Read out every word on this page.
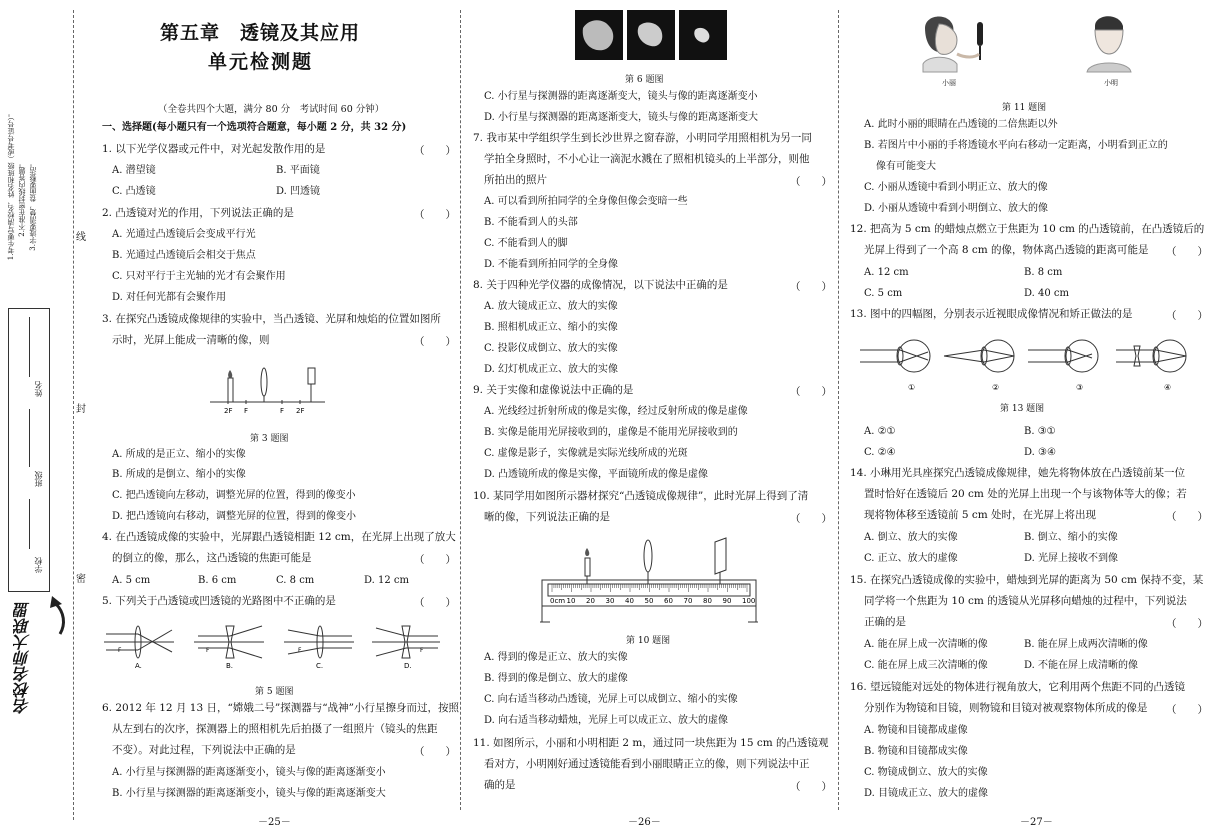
1.考生要写清校名、姓名和班级（或考号证号）。 2.不准在密封线内答题。 3.字迹要清楚，卷面要整洁。
姓名
班级
学校
名校名师大联盟
线
封
密
第五章　透镜及其应用
单元检测题
（全卷共四个大题，满分 80 分　考试时间 60 分钟）
一、选择题(每小题只有一个选项符合题意，每小题 2 分，共 32 分)
1. 以下光学仪器或元件中，对光起发散作用的是	（　　）
A. 潜望镜	B. 平面镜
C. 凸透镜	D. 凹透镜
2. 凸透镜对光的作用，下列说法正确的是	（　　）
A. 光通过凸透镜后会变成平行光
B. 光通过凸透镜后会相交于焦点
C. 只对平行于主光轴的光才有会聚作用
D. 对任何光都有会聚作用
3. 在探究凸透镜成像规律的实验中，当凸透镜、光屏和烛焰的位置如图所
示时，光屏上能成一清晰的像，则	（　　）
2F F	F 2F
第 3 题图
A. 所成的是正立、缩小的实像
B. 所成的是倒立、缩小的实像
C. 把凸透镜向左移动，调整光屏的位置，得到的像变小
D. 把凸透镜向右移动，调整光屏的位置，得到的像变小
4. 在凸透镜成像的实验中，光屏跟凸透镜相距 12 cm，在光屏上出现了放大
的倒立的像，那么，这凸透镜的焦距可能是	（　　）
A. 5 cm	B. 6 cm	C. 8 cm	D. 12 cm
5. 下列关于凸透镜或凹透镜的光路图中不正确的是	（　　）
F
A.
F
B.
F
C.
F
D.
第 5 题图
6. 2012 年 12 月 13 日，“嫦娥二号”探测器与“战神”小行星擦身而过，按照
从左到右的次序，探测器上的照相机先后拍摄了一组照片（镜头的焦距
不变）。对此过程，下列说法中正确的是	（　　）
A. 小行星与探测器的距离逐渐变小，镜头与像的距离逐渐变小
B. 小行星与探测器的距离逐渐变小，镜头与像的距离逐渐变大
－25－
第 6 题图
C. 小行星与探测器的距离逐渐变大，镜头与像的距离逐渐变小
D. 小行星与探测器的距离逐渐变大，镜头与像的距离逐渐变大
7. 我市某中学组织学生到长沙世界之窗春游，小明同学用照相机为另一同
学拍全身照时，不小心让一滴泥水溅在了照相机镜头的上半部分，则他
所拍出的照片	（　　）
A. 可以看到所拍同学的全身像但像会变暗一些
B. 不能看到人的头部
C. 不能看到人的脚
D. 不能看到所拍同学的全身像
8. 关于四种光学仪器的成像情况，以下说法中正确的是	（　　）
A. 放大镜成正立、放大的实像
B. 照相机成正立、缩小的实像
C. 投影仪成倒立、放大的实像
D. 幻灯机成正立、放大的实像
9. 关于实像和虚像说法中正确的是	（　　）
A. 光线经过折射所成的像是实像，经过反射所成的像是虚像
B. 实像是能用光屏接收到的，虚像是不能用光屏接收到的
C. 虚像是影子，实像就是实际光线所成的光斑
D. 凸透镜所成的像是实像，平面镜所成的像是虚像
10. 某同学用如图所示器材探究“凸透镜成像规律”，此时光屏上得到了清
晰的像，下列说法正确的是	（　　）
0cm 10 20 30 40 50 60 70 80 90 100
第 10 题图
A. 得到的像是正立、放大的实像
B. 得到的像是倒立、放大的虚像
C. 向右适当移动凸透镜，光屏上可以成倒立、缩小的实像
D. 向右适当移动蜡烛，光屏上可以成正立、放大的虚像
11. 如图所示，小丽和小明相距 2 m，通过同一块焦距为 15 cm 的凸透镜观
看对方，小明刚好通过透镜能看到小丽眼睛正立的像，则下列说法中正
确的是	（　　）
－26－
小丽	小明
第 11 题图
A. 此时小丽的眼睛在凸透镜的二倍焦距以外
B. 若图片中小丽的手将透镜水平向右移动一定距离，小明看到正立的
像有可能变大
C. 小丽从透镜中看到小明正立、放大的像
D. 小丽从透镜中看到小明倒立、放大的像
12. 把高为 5 cm 的蜡烛点燃立于焦距为 10 cm 的凸透镜前，在凸透镜后的
光屏上得到了一个高 8 cm 的像，物体离凸透镜的距离可能是 （　　）
A. 12 cm	B. 8 cm
C. 5 cm	D. 40 cm
13. 图中的四幅图，分别表示近视眼成像情况和矫正做法的是	（　　）
①	②	③	④
第 13 题图
A. ②①	B. ③①
C. ②④	D. ③④
14. 小琳用光具座探究凸透镜成像规律，她先将物体放在凸透镜前某一位
置时恰好在透镜后 20 cm 处的光屏上出现一个与该物体等大的像；若
现将物体移至透镜前 5 cm 处时，在光屏上将出现	（　　）
A. 倒立、放大的实像	B. 倒立、缩小的实像
C. 正立、放大的虚像	D. 光屏上接收不到像
15. 在探究凸透镜成像的实验中，蜡烛到光屏的距离为 50 cm 保持不变，某
同学将一个焦距为 10 cm 的透镜从光屏移向蜡烛的过程中，下列说法
正确的是	（　　）
A. 能在屏上成一次清晰的像	B. 能在屏上成两次清晰的像
C. 能在屏上成三次清晰的像	D. 不能在屏上成清晰的像
16. 望远镜能对远处的物体进行视角放大，它利用两个焦距不同的凸透镜
分别作为物镜和目镜，则物镜和目镜对被观察物体所成的像是 （　　）
A. 物镜和目镜都成虚像
B. 物镜和目镜都成实像
C. 物镜成倒立、放大的实像
D. 目镜成正立、放大的虚像
－27－
